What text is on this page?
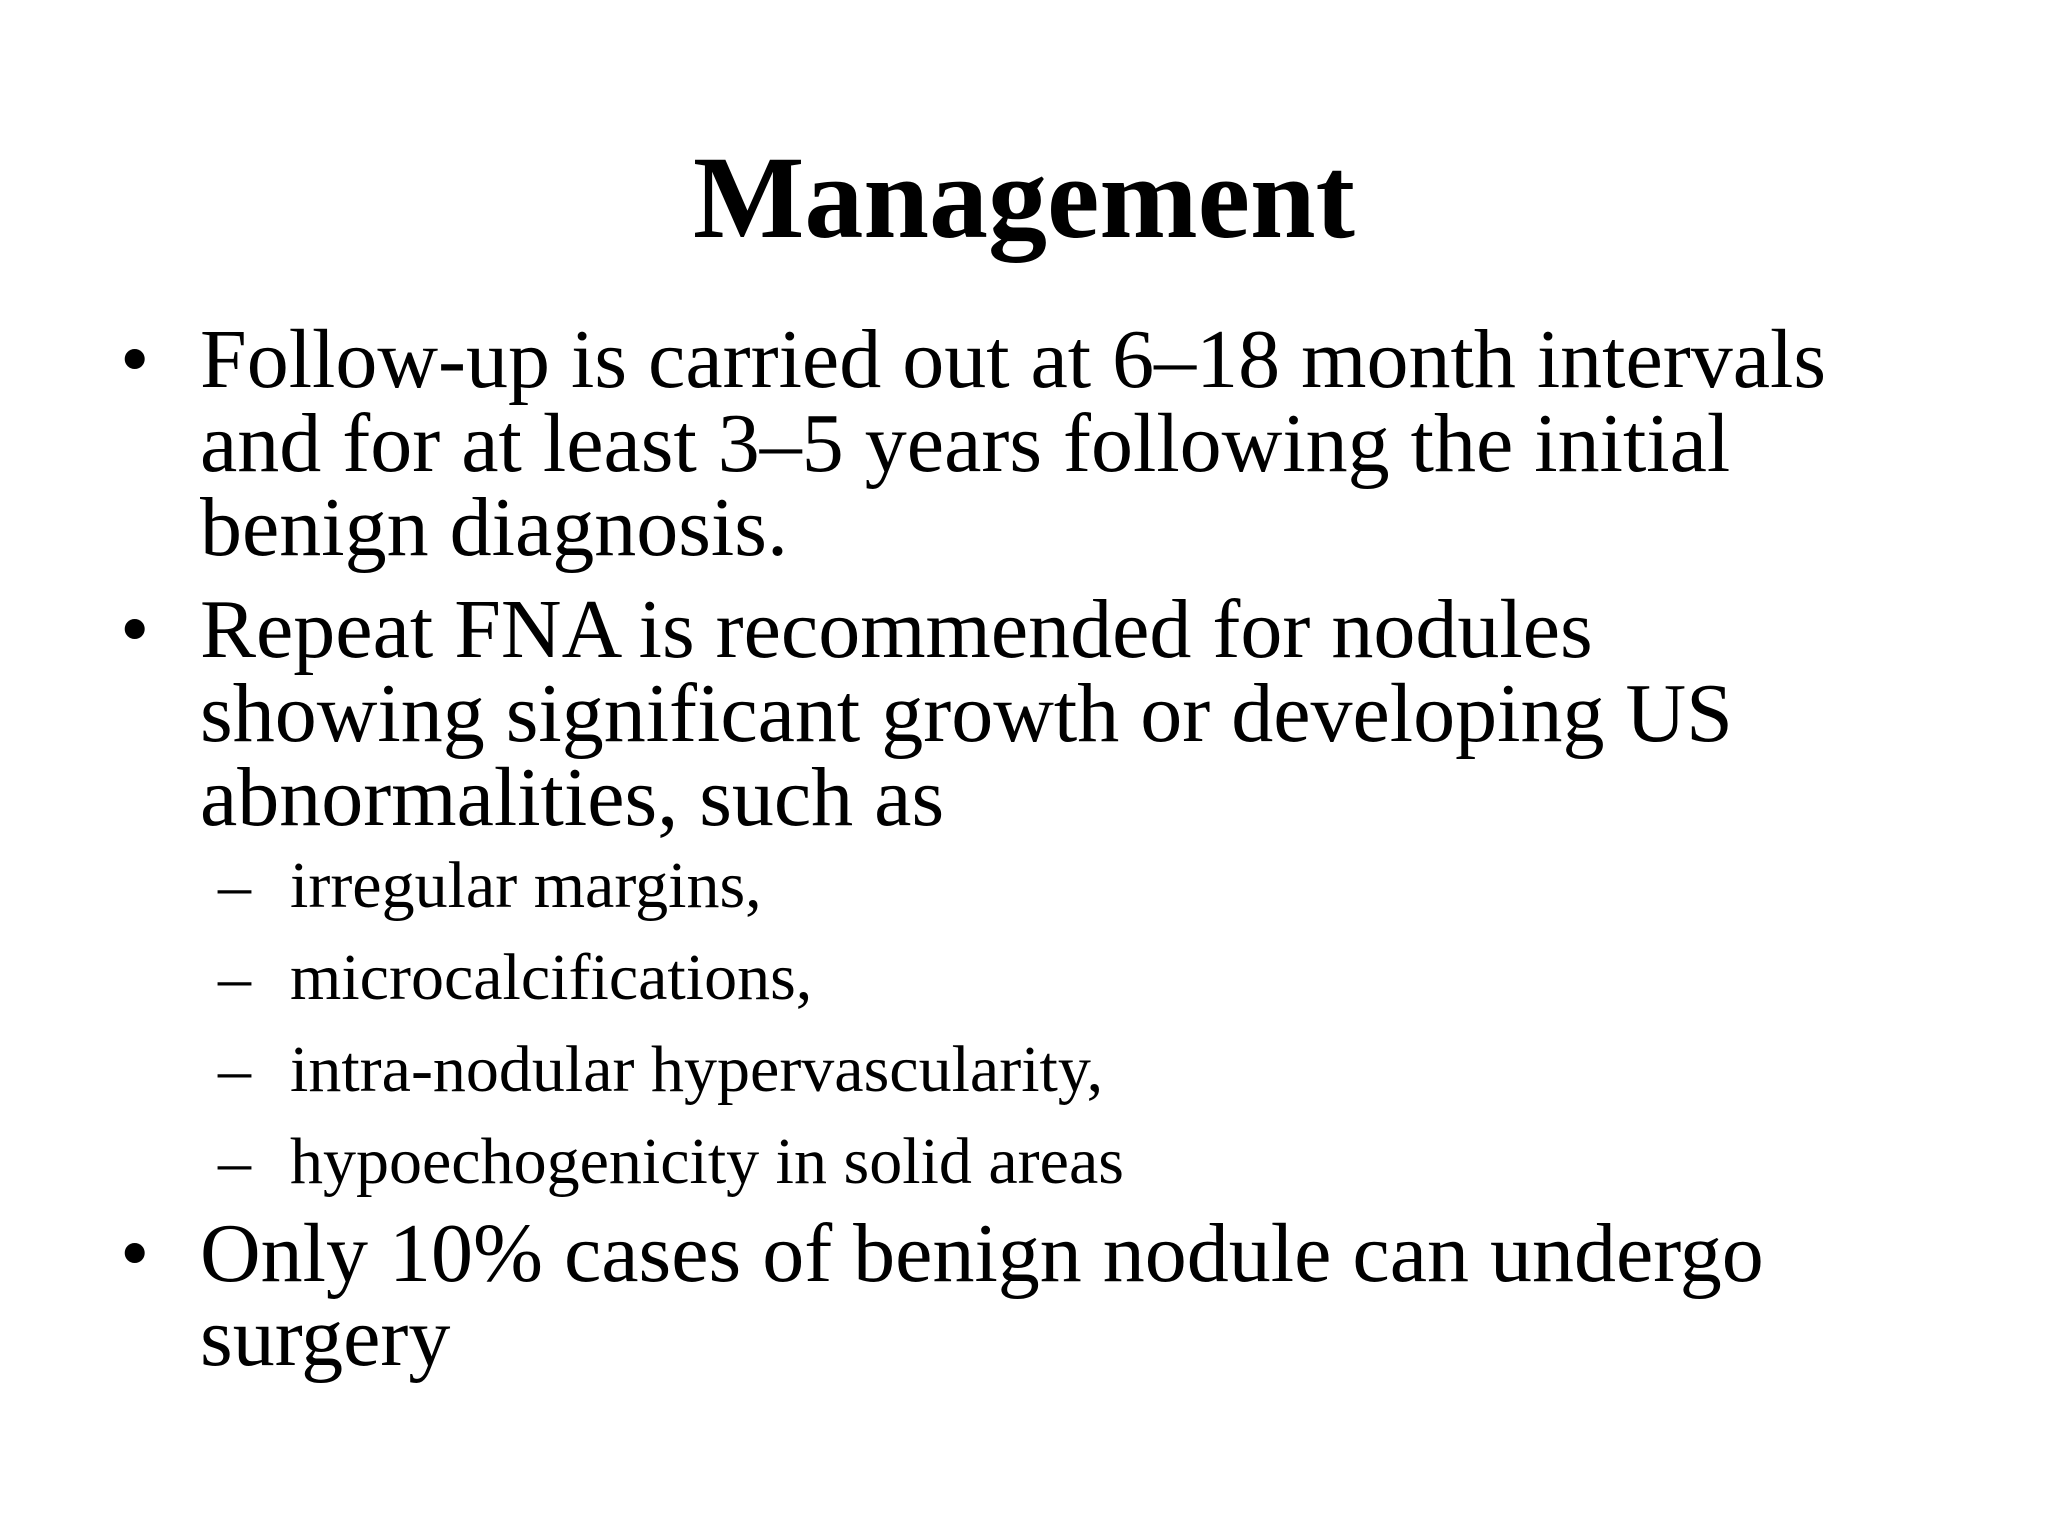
Management
• Follow-up is carried out at 6–18 month intervals
and for at least 3–5 years following the initial
benign diagnosis.
• Repeat FNA is recommended for nodules
showing significant growth or developing US
abnormalities, such as
– irregular margins,
– microcalcifications,
– intra-nodular hypervascularity,
– hypoechogenicity in solid areas
• Only 10% cases of benign nodule can undergo
surgery
